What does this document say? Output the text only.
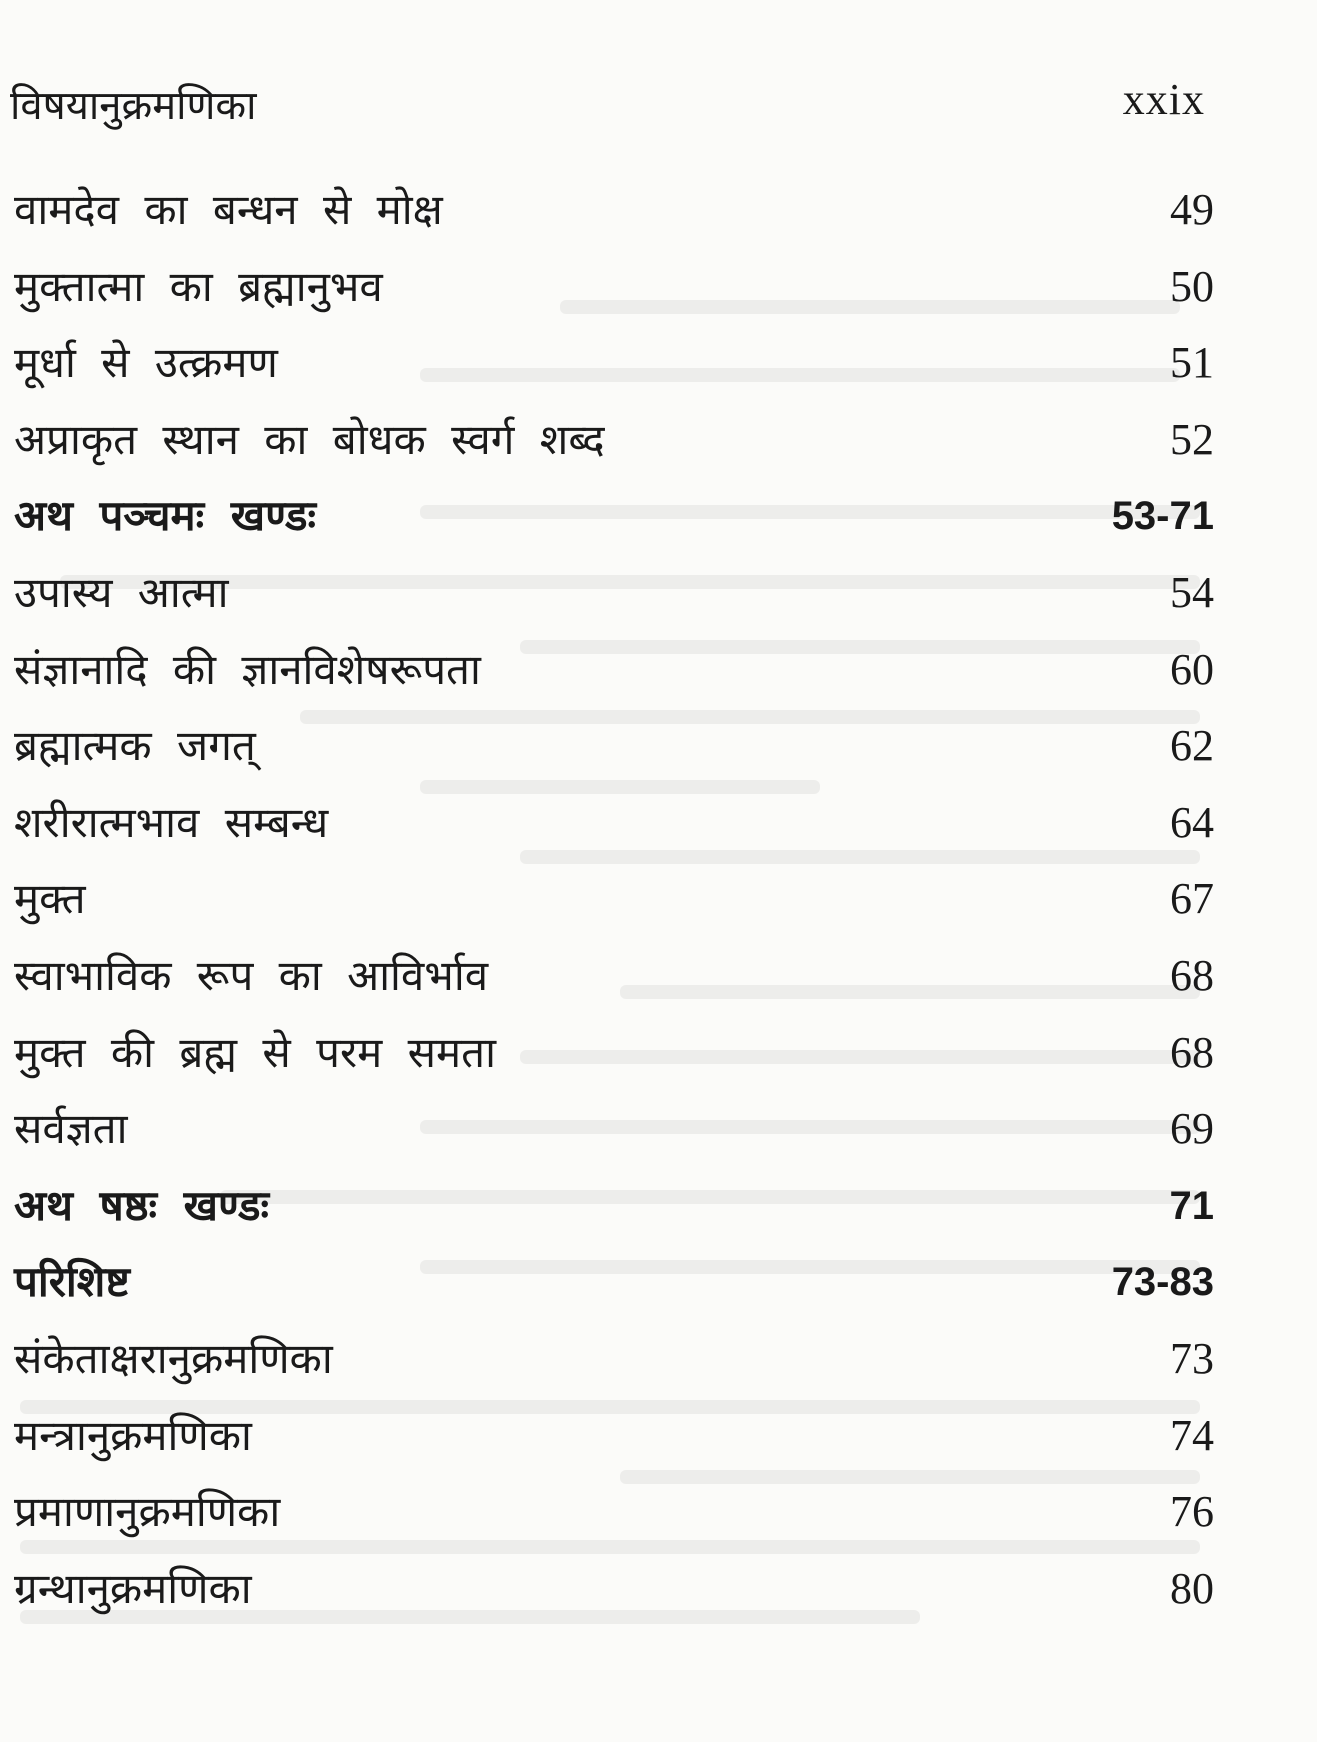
विषयानुक्रमणिका	xxix
वामदेव का बन्धन से मोक्ष	49
मुक्तात्मा का ब्रह्मानुभव	50
मूर्धा से उत्क्रमण	51
अप्राकृत स्थान का बोधक स्वर्ग शब्द	52
अथ पञ्चमः खण्डः	53-71
उपास्य आत्मा	54
संज्ञानादि की ज्ञानविशेषरूपता	60
ब्रह्मात्मक जगत्	62
शरीरात्मभाव सम्बन्ध	64
मुक्त	67
स्वाभाविक रूप का आविर्भाव	68
मुक्त की ब्रह्म से परम समता	68
सर्वज्ञता	69
अथ षष्ठः खण्डः	71
परिशिष्ट	73-83
संकेताक्षरानुक्रमणिका	73
मन्त्रानुक्रमणिका	74
प्रमाणानुक्रमणिका	76
ग्रन्थानुक्रमणिका	80
